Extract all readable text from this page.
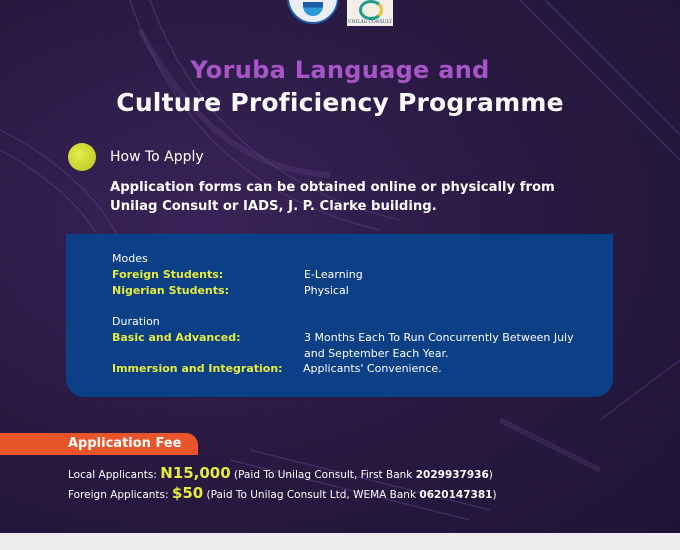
UNILAG CONSULT
Yoruba Language and
Culture Proficiency Programme
How To Apply
Application forms can be obtained online or physically from Unilag Consult or IADS, J. P. Clarke building.
Modes
Foreign Students:	E-Learning
Nigerian Students:	Physical
Duration
Basic and Advanced:	3 Months Each To Run Concurrently Between July
and September Each Year.
Immersion and Integration: Applicants' Convenience.
Application Fee
Local Applicants: N15,000 (Paid To Unilag Consult, First Bank 2029937936)
Foreign Applicants: $50 (Paid To Unilag Consult Ltd, WEMA Bank 0620147381)
